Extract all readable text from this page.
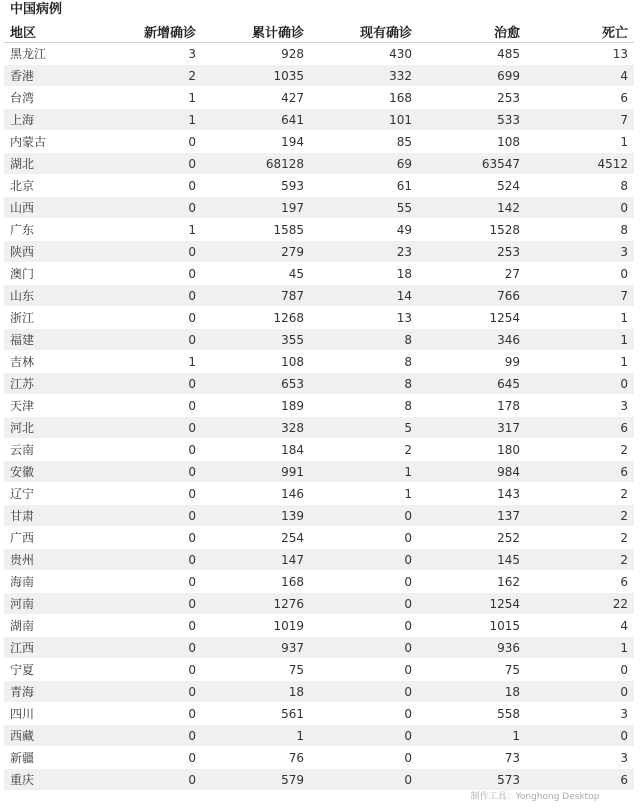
中国病例
地区	新增确诊	累计确诊	现有确诊	治愈	死亡
黑龙江	3	928	430	485	13
香港	2	1035	332	699	4
台湾	1	427	168	253	6
上海	1	641	101	533	7
内蒙古	0	194	85	108	1
湖北	0	68128	69	63547	4512
北京	0	593	61	524	8
山西	0	197	55	142	0
广东	1	1585	49	1528	8
陕西	0	279	23	253	3
澳门	0	45	18	27	0
山东	0	787	14	766	7
浙江	0	1268	13	1254	1
福建	0	355	8	346	1
吉林	1	108	8	99	1
江苏	0	653	8	645	0
天津	0	189	8	178	3
河北	0	328	5	317	6
云南	0	184	2	180	2
安徽	0	991	1	984	6
辽宁	0	146	1	143	2
甘肃	0	139	0	137	2
广西	0	254	0	252	2
贵州	0	147	0	145	2
海南	0	168	0	162	6
河南	0	1276	0	1254	22
湖南	0	1019	0	1015	4
江西	0	937	0	936	1
宁夏	0	75	0	75	0
青海	0	18	0	18	0
四川	0	561	0	558	3
西藏	0	1	0	1	0
新疆	0	76	0	73	3
重庆	0	579	0	573	6
制作工具：Yonghong Desktop
